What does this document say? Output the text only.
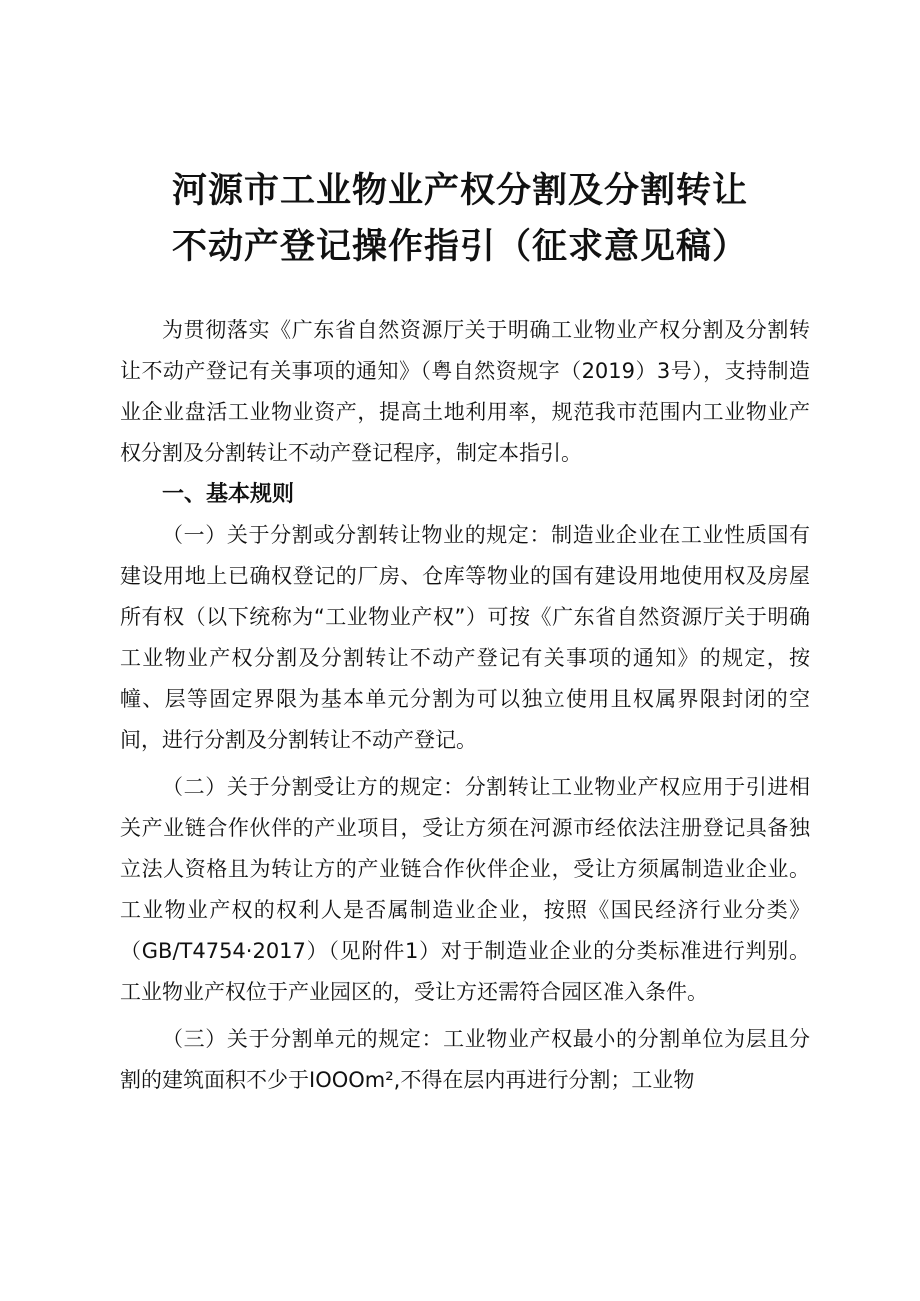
河源市工业物业产权分割及分割转让
不动产登记操作指引（征求意见稿）

为贯彻落实《广东省自然资源厅关于明确工业物业产权分割及分割转让不动产登记有关事项的通知》（粤自然资规字（2019）3号），支持制造业企业盘活工业物业资产，提高土地利用率，规范我市范围内工业物业产权分割及分割转让不动产登记程序，制定本指引。

一、基本规则

（一）关于分割或分割转让物业的规定：制造业企业在工业性质国有建设用地上已确权登记的厂房、仓库等物业的国有建设用地使用权及房屋所有权（以下统称为“工业物业产权”）可按《广东省自然资源厅关于明确工业物业产权分割及分割转让不动产登记有关事项的通知》的规定，按幢、层等固定界限为基本单元分割为可以独立使用且权属界限封闭的空间，进行分割及分割转让不动产登记。

（二）关于分割受让方的规定：分割转让工业物业产权应用于引进相关产业链合作伙伴的产业项目，受让方须在河源市经依法注册登记具备独立法人资格且为转让方的产业链合作伙伴企业，受让方须属制造业企业。工业物业产权的权利人是否属制造业企业，按照《国民经济行业分类》（GB/T4754·2017）（见附件1）对于制造业企业的分类标准进行判别。工业物业产权位于产业园区的，受让方还需符合园区准入条件。

（三）关于分割单元的规定：工业物业产权最小的分割单位为层且分割的建筑面积不少于IOOOm²,不得在层内再进行分割；工业物
